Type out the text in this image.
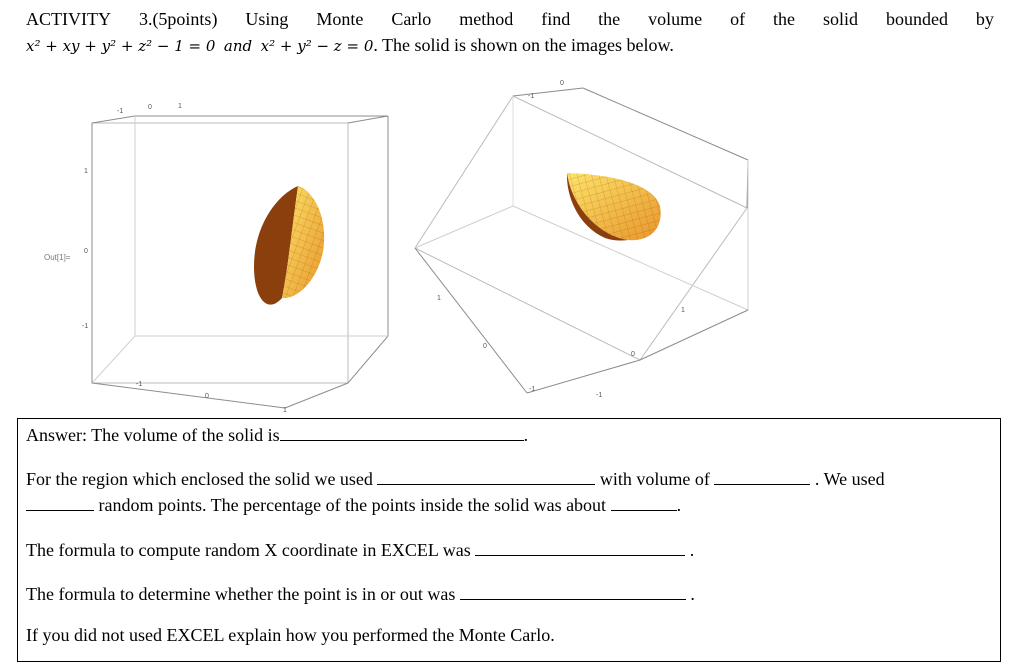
ACTIVITY 3.(5points) Using Monte Carlo method find the volume of the solid bounded by
x² + xy + y² + z² − 1 = 0 and x² + y² − z = 0. The solid is shown on the images below.
Out[1]=
-1
0	1
1
0
-1
-1
0
1
0
-1
1
0
1
0
-1
-1
Answer: The volume of the solid is	.
For the region which enclosed the solid we used	with volume of	. We used
random points. The percentage of the points inside the solid was about	.
The formula to compute random X coordinate in EXCEL was	.
The formula to determine whether the point is in or out was	.
If you did not used EXCEL explain how you performed the Monte Carlo.
